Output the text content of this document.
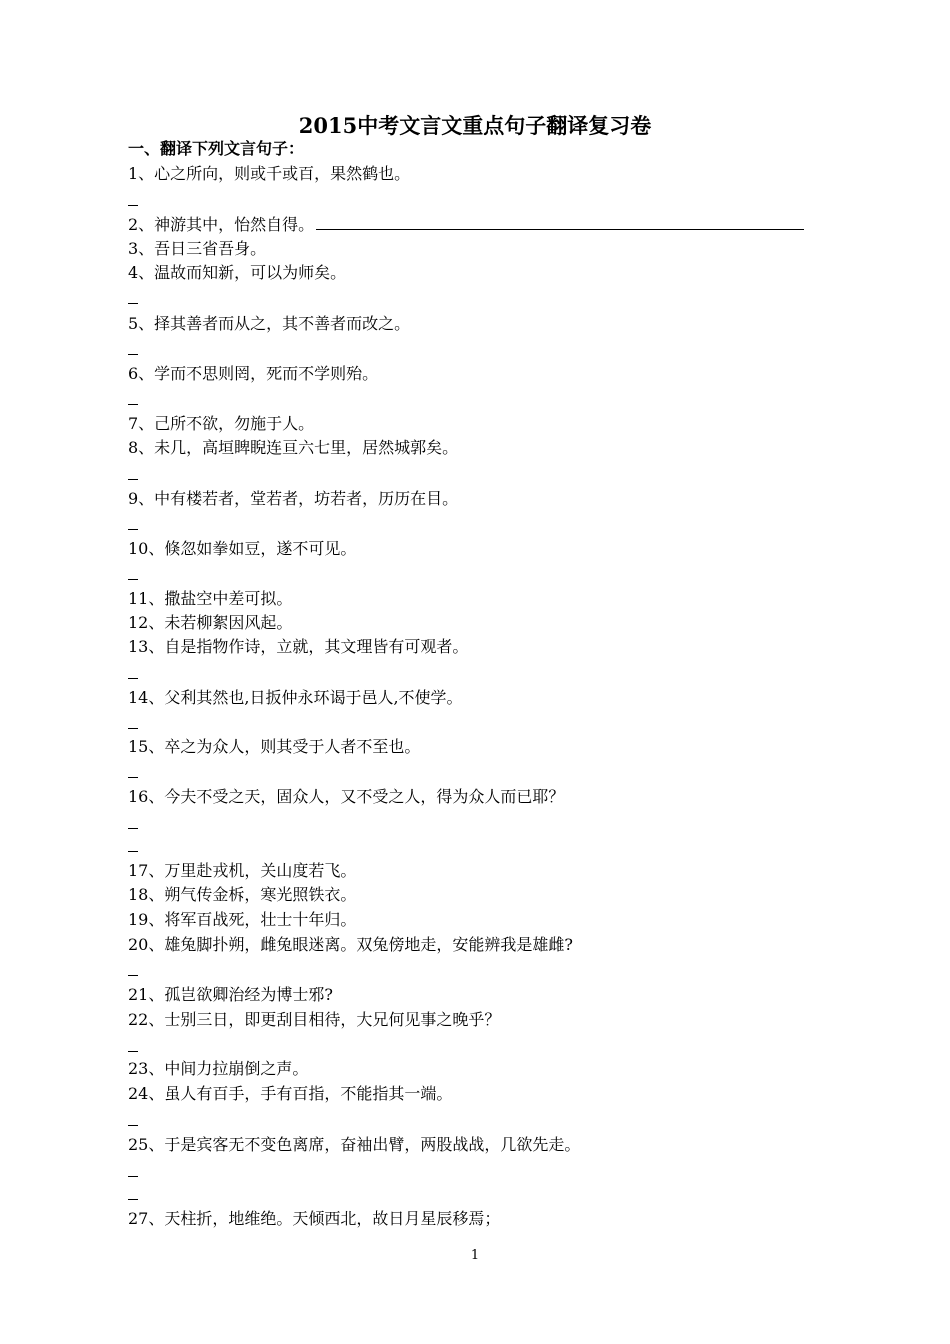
2015中考文言文重点句子翻译复习卷
一、翻译下列文言句子：
1、心之所向，则或千或百，果然鹤也。
2、神游其中，怡然自得。
3、吾日三省吾身。
4、温故而知新，可以为师矣。
5、择其善者而从之，其不善者而改之。
6、学而不思则罔，死而不学则殆。
7、己所不欲，勿施于人。
8、未几，高垣睥睨连亘六七里，居然城郭矣。
9、中有楼若者，堂若者，坊若者，历历在目。
10、倏忽如拳如豆，遂不可见。
11、撒盐空中差可拟。
12、未若柳絮因风起。
13、自是指物作诗，立就，其文理皆有可观者。
14、父利其然也,日扳仲永环谒于邑人,不使学。
15、卒之为众人，则其受于人者不至也。
16、今夫不受之天，固众人，又不受之人，得为众人而已耶？
17、万里赴戎机，关山度若飞。
18、朔气传金柝，寒光照铁衣。
19、将军百战死，壮士十年归。
20、雄兔脚扑朔，雌兔眼迷离。双兔傍地走，安能辨我是雄雌?
21、孤岂欲卿治经为博士邪?
22、士别三日，即更刮目相待，大兄何见事之晚乎？
23、中间力拉崩倒之声。
24、虽人有百手，手有百指，不能指其一端。
25、于是宾客无不变色离席，奋袖出臂，两股战战，几欲先走。
27、天柱折，地维绝。天倾西北，故日月星辰移焉；
1
